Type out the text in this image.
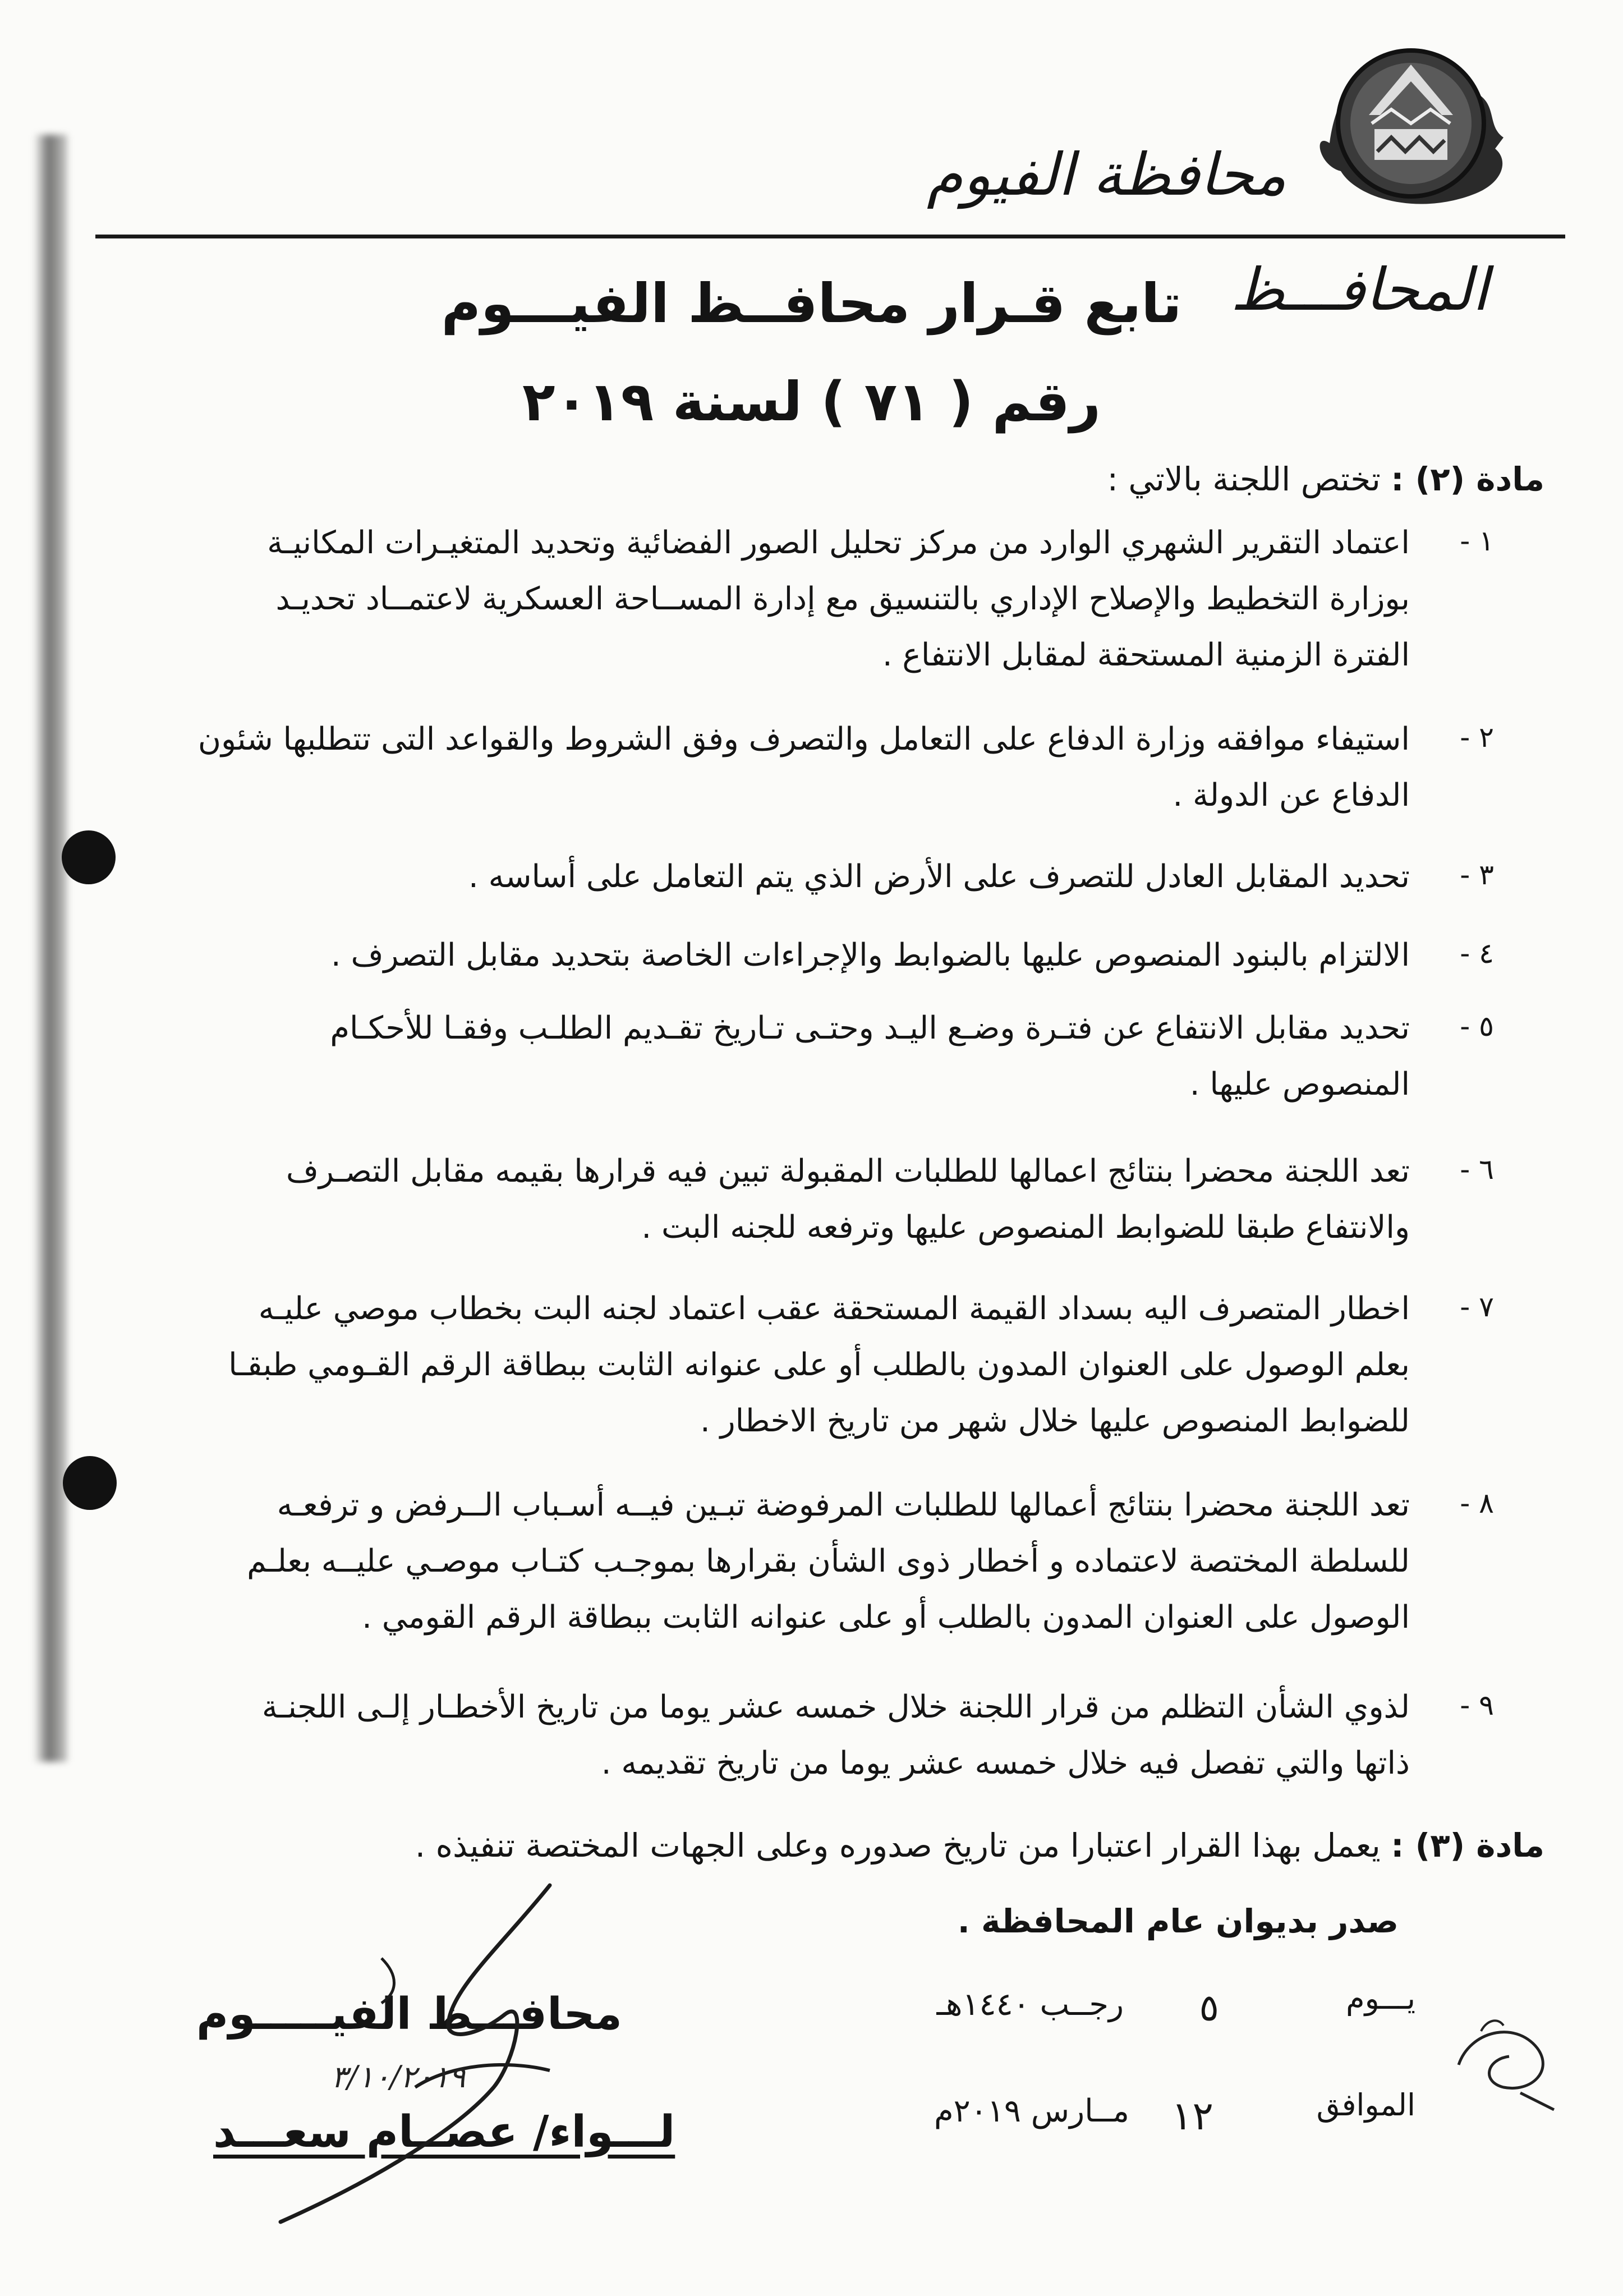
محافظة الفيوم
المحافـــظ
تابع قـرار محافــظ الفيـــوم
رقم ( ٧١ ) لسنة ٢٠١٩
مادة (٢) : تختص اللجنة بالاتي :
١ -
اعتماد التقرير الشهري الوارد من مركز تحليل الصور الفضائية وتحديد المتغيـرات المكانيـة
بوزارة التخطيط والإصلاح الإداري بالتنسيق مع إدارة المســاحة العسكرية لاعتمــاد تحديـد
الفترة الزمنية المستحقة لمقابل الانتفاع .
٢ -
استيفاء موافقه وزارة الدفاع على التعامل والتصرف وفق الشروط والقواعد التى تتطلبها شئون
الدفاع عن الدولة .
٣ -
تحديد المقابل العادل للتصرف على الأرض الذي يتم التعامل على أساسه .
٤ -
الالتزام بالبنود المنصوص عليها بالضوابط والإجراءات الخاصة بتحديد مقابل التصرف .
٥ -
تحديد مقابل الانتفاع عن فتـرة وضـع اليـد وحتـى تـاريخ تقـديم الطلـب وفقـا للأحكـام
المنصوص عليها .
٦ -
تعد اللجنة محضرا بنتائج اعمالها للطلبات المقبولة تبين فيه قرارها بقيمه مقابل التصـرف
والانتفاع طبقا للضوابط المنصوص عليها وترفعه للجنه البت .
٧ -
اخطار المتصرف اليه بسداد القيمة المستحقة عقب اعتماد لجنه البت بخطاب موصي عليـه
بعلم الوصول على العنوان المدون بالطلب أو على عنوانه الثابت ببطاقة الرقم القـومي طبقـا
للضوابط المنصوص عليها خلال شهر من تاريخ الاخطار .
٨ -
تعد اللجنة محضرا بنتائج أعمالها للطلبات المرفوضة تبـين فيــه أسـباب الــرفض و ترفعـه
للسلطة المختصة لاعتماده و أخطار ذوى الشأن بقرارها بموجـب كتـاب موصـي عليــه بعلـم
الوصول على العنوان المدون بالطلب أو على عنوانه الثابت ببطاقة الرقم القومي .
٩ -
لذوي الشأن التظلم من قرار اللجنة خلال خمسه عشر يوما من تاريخ الأخطـار إلـى اللجنـة
ذاتها والتي تفصل فيه خلال خمسه عشر يوما من تاريخ تقديمه .
مادة (٣) : يعمل بهذا القرار اعتبارا من تاريخ صدوره وعلى الجهات المختصة تنفيذه .
صدر بديوان عام المحافظة .
يـــوم
٥
رجــب ١٤٤٠هـ
الموافق
١٢
مــارس ٢٠١٩م
محافـــظ الفيـــــوم
لـــواء/ عصــام سعـــد
٣/١٠/٢٠١٩
